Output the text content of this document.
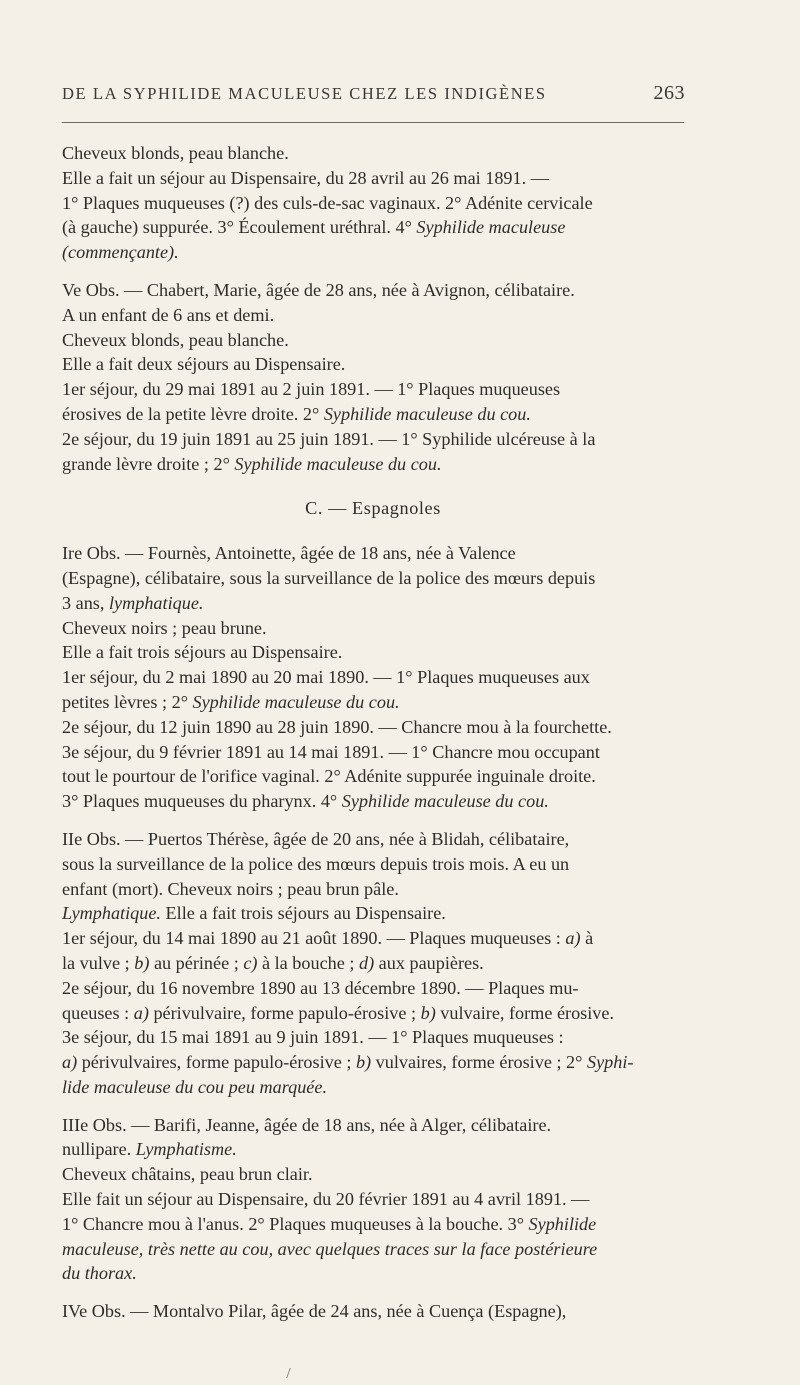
DE LA SYPHILIDE MACULEUSE CHEZ LES INDIGÈNES	263

Cheveux blonds, peau blanche.

Elle a fait un séjour au Dispensaire, du 28 avril au 26 mai 1891. —

1° Plaques muqueuses (?) des culs-de-sac vaginaux. 2° Adénite cervicale

(à gauche) suppurée. 3° Écoulement uréthral. 4° Syphilide maculeuse

(commençante).

Ve Obs. — Chabert, Marie, âgée de 28 ans, née à Avignon, célibataire.

A un enfant de 6 ans et demi.

Cheveux blonds, peau blanche.

Elle a fait deux séjours au Dispensaire.

1er séjour, du 29 mai 1891 au 2 juin 1891. — 1° Plaques muqueuses

érosives de la petite lèvre droite. 2° Syphilide maculeuse du cou.

2e séjour, du 19 juin 1891 au 25 juin 1891. — 1° Syphilide ulcéreuse à la

grande lèvre droite ; 2° Syphilide maculeuse du cou.

C. — Espagnoles

Ire Obs. — Fournès, Antoinette, âgée de 18 ans, née à Valence

(Espagne), célibataire, sous la surveillance de la police des mœurs depuis

3 ans, lymphatique.

Cheveux noirs ; peau brune.

Elle a fait trois séjours au Dispensaire.

1er séjour, du 2 mai 1890 au 20 mai 1890. — 1° Plaques muqueuses aux

petites lèvres ; 2° Syphilide maculeuse du cou.

2e séjour, du 12 juin 1890 au 28 juin 1890. — Chancre mou à la fourchette.

3e séjour, du 9 février 1891 au 14 mai 1891. — 1° Chancre mou occupant

tout le pourtour de l'orifice vaginal. 2° Adénite suppurée inguinale droite.

3° Plaques muqueuses du pharynx. 4° Syphilide maculeuse du cou.

IIe Obs. — Puertos Thérèse, âgée de 20 ans, née à Blidah, célibataire,

sous la surveillance de la police des mœurs depuis trois mois. A eu un

enfant (mort). Cheveux noirs ; peau brun pâle.

Lymphatique. Elle a fait trois séjours au Dispensaire.

1er séjour, du 14 mai 1890 au 21 août 1890. — Plaques muqueuses : a) à

la vulve ; b) au périnée ; c) à la bouche ; d) aux paupières.

2e séjour, du 16 novembre 1890 au 13 décembre 1890. — Plaques mu-

queuses : a) périvulvaire, forme papulo-érosive ; b) vulvaire, forme érosive.

3e séjour, du 15 mai 1891 au 9 juin 1891. — 1° Plaques muqueuses :

a) périvulvaires, forme papulo-érosive ; b) vulvaires, forme érosive ; 2° Syphi-

lide maculeuse du cou peu marquée.

IIIe Obs. — Barifi, Jeanne, âgée de 18 ans, née à Alger, célibataire.

nullipare. Lymphatisme.

Cheveux châtains, peau brun clair.

Elle fait un séjour au Dispensaire, du 20 février 1891 au 4 avril 1891. —

1° Chancre mou à l'anus. 2° Plaques muqueuses à la bouche. 3° Syphilide

maculeuse, très nette au cou, avec quelques traces sur la face postérieure

du thorax.

IVe Obs. — Montalvo Pilar, âgée de 24 ans, née à Cuença (Espagne),
